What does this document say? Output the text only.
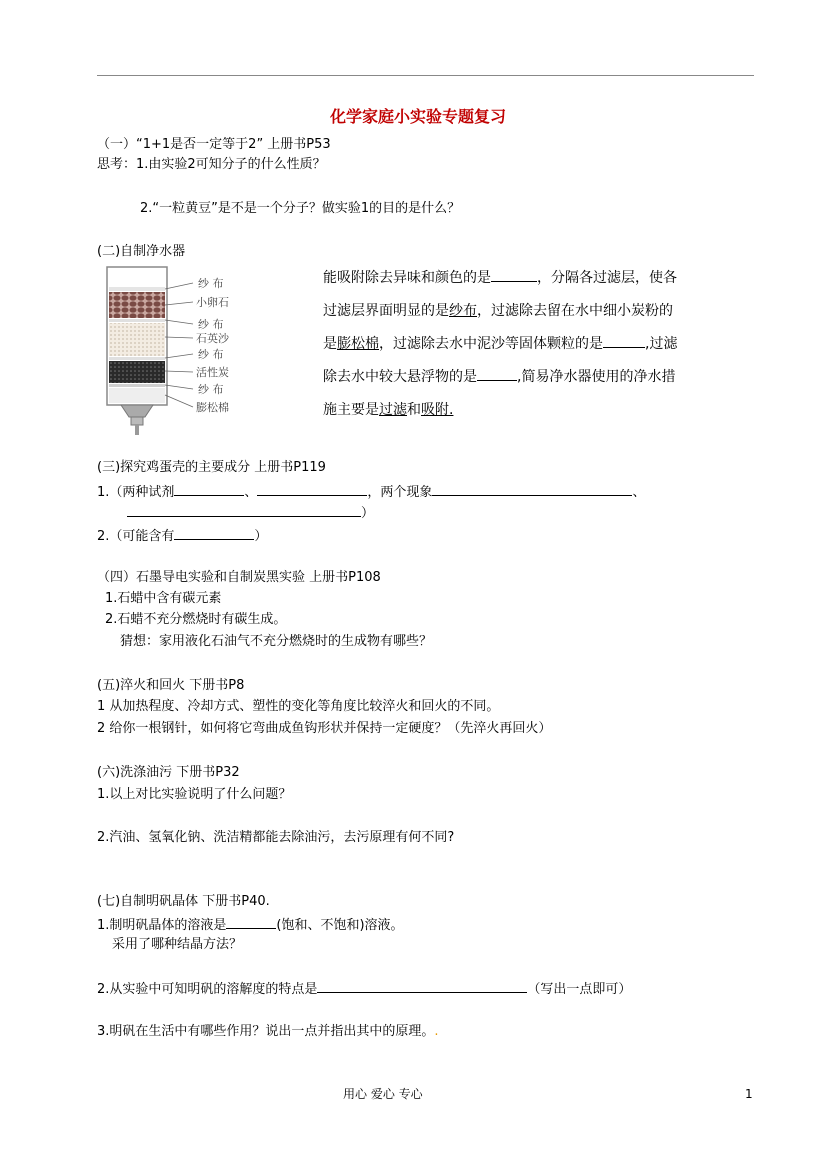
化学家庭小实验专题复习
（一）“1+1是否一定等于2” 上册书P53
思考：1.由实验2可知分子的什么性质？
2.“一粒黄豆”是不是一个分子？做实验1的目的是什么？
(二)自制净水器
纱 布
小卵石
纱 布
石英沙
纱 布
活性炭
纱 布
膨松棉
能吸附除去异味和颜色的是	，分隔各过滤层，使各
过滤层界面明显的是纱布，过滤除去留在水中细小炭粉的
是膨松棉，过滤除去水中泥沙等固体颗粒的是	,过滤
除去水中较大悬浮物的是	,简易净水器使用的净水措
施主要是过滤和吸附.
(三)探究鸡蛋壳的主要成分 上册书P119
1.（两种试剂	、	，两个现象	、
）
2.（可能含有	）
（四）石墨导电实验和自制炭黑实验 上册书P108
1.石蜡中含有碳元素
2.石蜡不充分燃烧时有碳生成。
猜想：家用液化石油气不充分燃烧时的生成物有哪些？
(五)淬火和回火 下册书P8
1 从加热程度、冷却方式、塑性的变化等角度比较淬火和回火的不同。
2 给你一根钢针，如何将它弯曲成鱼钩形状并保持一定硬度？（先淬火再回火）
(六)洗涤油污 下册书P32
1.以上对比实验说明了什么问题？
2.汽油、氢氧化钠、洗洁精都能去除油污，去污原理有何不同?
(七)自制明矾晶体 下册书P40.
1.制明矾晶体的溶液是	(饱和、不饱和)溶液。
采用了哪种结晶方法？
2.从实验中可知明矾的溶解度的特点是	（写出一点即可）
3.明矾在生活中有哪些作用？说出一点并指出其中的原理。.
用心 爱心 专心	1
